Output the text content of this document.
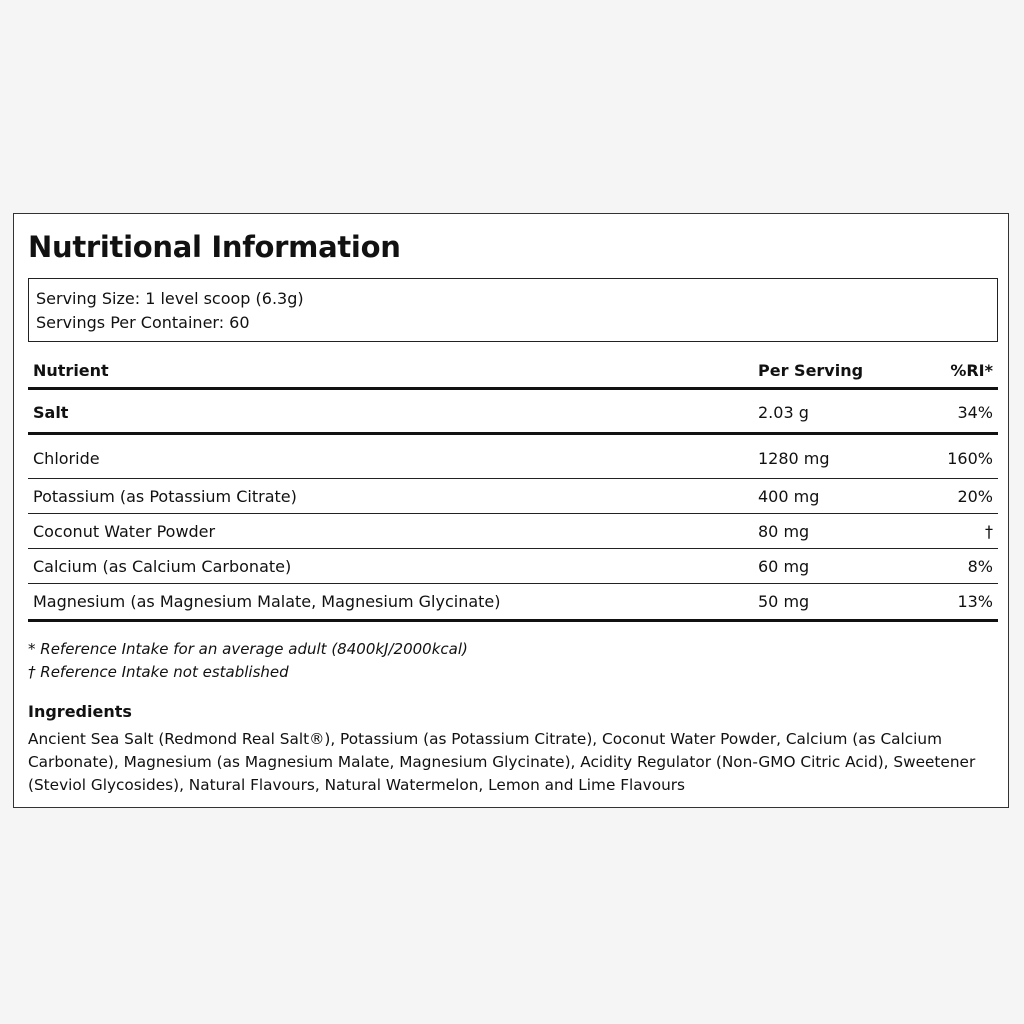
Nutritional Information
Serving Size: 1 level scoop (6.3g)
Servings Per Container: 60
Nutrient	Per Serving	%RI*
Salt	2.03 g	34%
Chloride	1280 mg	160%
Potassium (as Potassium Citrate)	400 mg	20%
Coconut Water Powder	80 mg	†
Calcium (as Calcium Carbonate)	60 mg	8%
Magnesium (as Magnesium Malate, Magnesium Glycinate)	50 mg	13%
* Reference Intake for an average adult (8400kJ/2000kcal)
† Reference Intake not established
Ingredients
Ancient Sea Salt (Redmond Real Salt®), Potassium (as Potassium Citrate), Coconut Water Powder, Calcium (as Calcium Carbonate), Magnesium (as Magnesium Malate, Magnesium Glycinate), Acidity Regulator (Non-GMO Citric Acid), Sweetener (Steviol Glycosides), Natural Flavours, Natural Watermelon, Lemon and Lime Flavours
